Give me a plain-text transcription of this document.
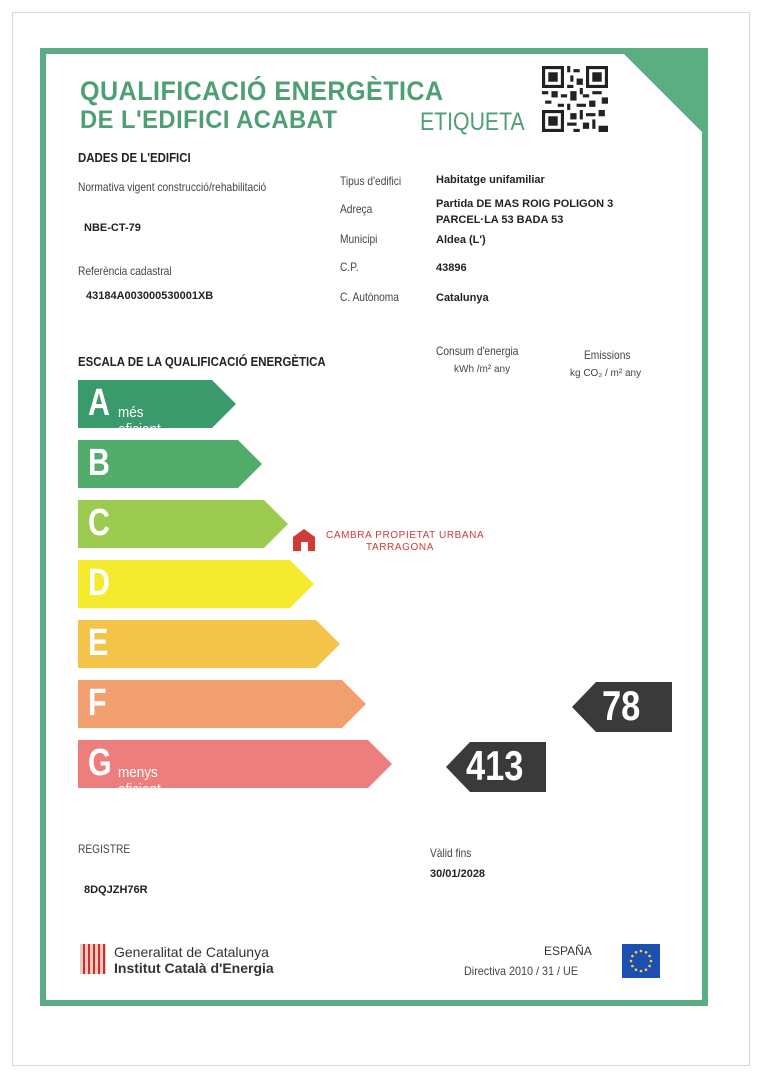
QUALIFICACIÓ ENERGÈTICA
DE L'EDIFICI ACABAT	ETIQUETA
DADES DE L'EDIFICI
Normativa vigent construcció/rehabilitació
NBE-CT-79
Referència cadastral
43184A003000530001XB
Tipus d'edifici	Habitatge unifamiliar
Adreça	Partida DE MAS ROIG POLIGON 3
PARCEL·LA 53 BADA 53
Municipi	Aldea (L')
C.P.	43896
C. Autònoma	Catalunya
ESCALA DE LA QUALIFICACIÓ ENERGÈTICA
Consum d'energia
kWh /m² any
Emissions
kg CO₂ / m² any
A més eficient
B
C
D
E
F
G menys eficient
CAMBRA PROPIETAT URBANA
TARRAGONA
78
413
REGISTRE
8DQJZH76R
Vàlid fins
30/01/2028
Generalitat de Catalunya
Institut Català d'Energia
ESPAÑA
Directiva 2010 / 31 / UE
